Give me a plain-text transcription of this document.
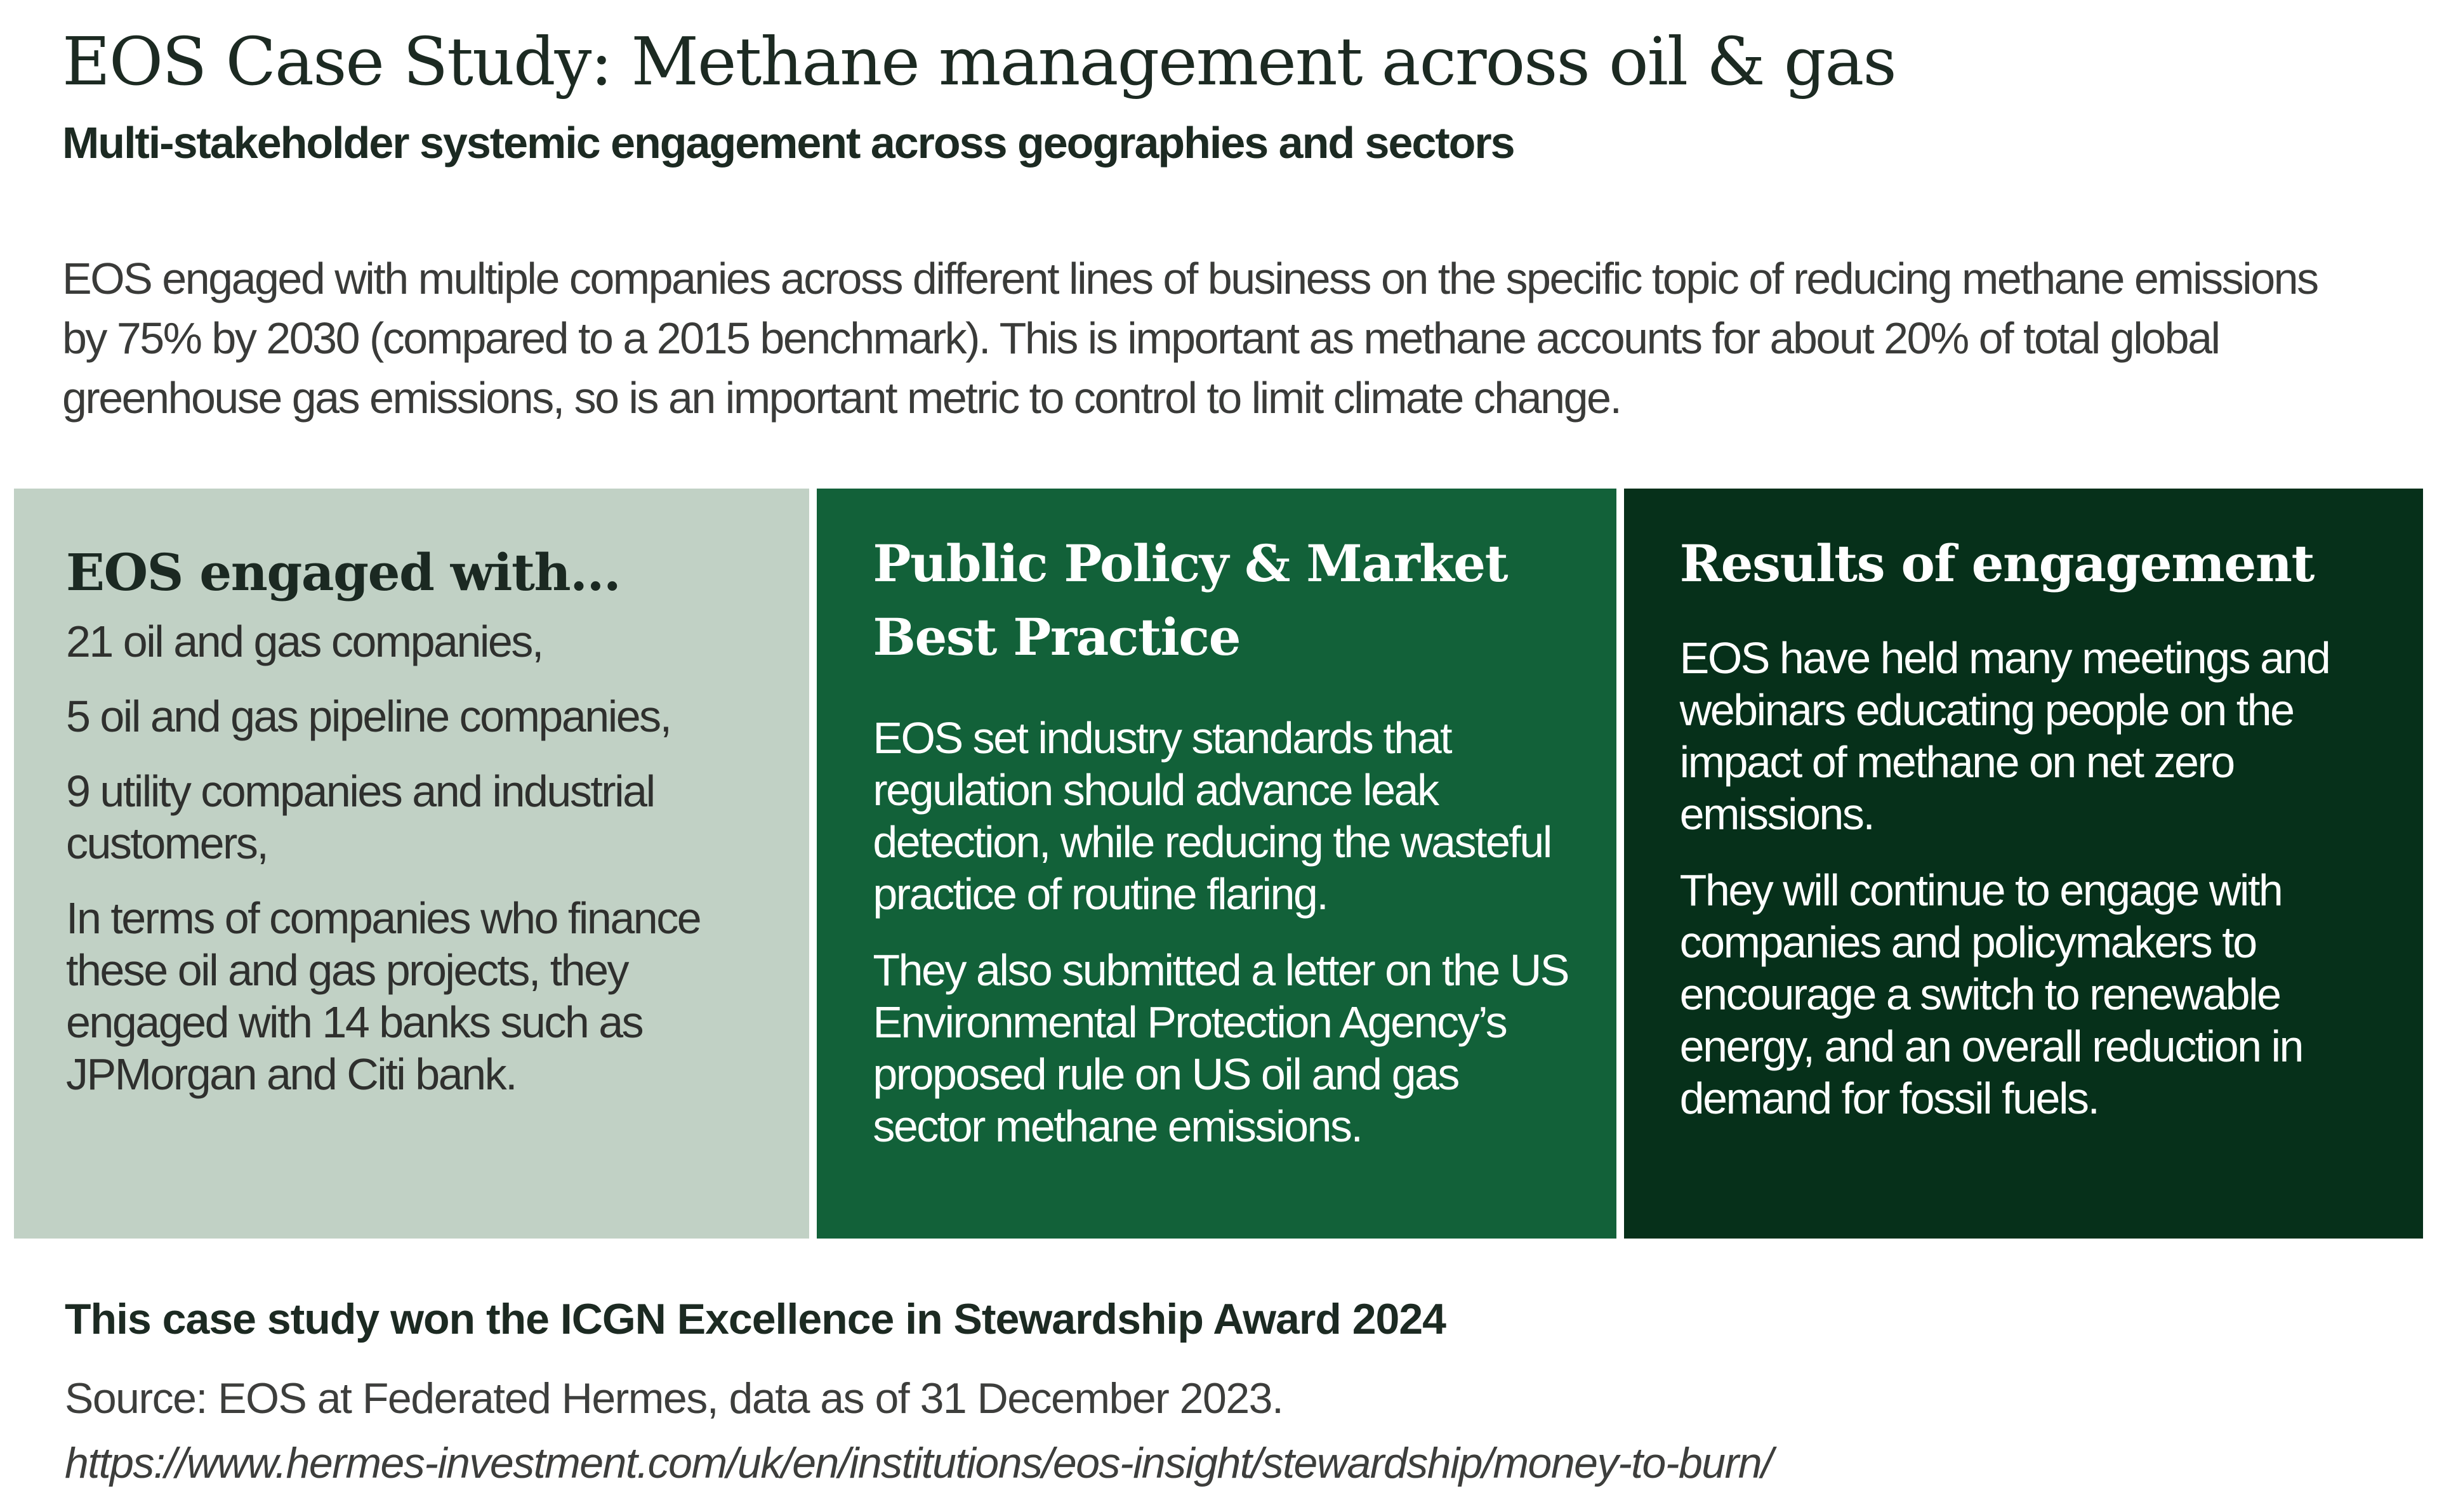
EOS Case Study: Methane management across oil & gas
Multi-stakeholder systemic engagement across geographies and sectors

EOS engaged with multiple companies across different lines of business on the specific topic of reducing methane emissions by 75% by 2030 (compared to a 2015 benchmark). This is important as methane accounts for about 20% of total global greenhouse gas emissions, so is an important metric to control to limit climate change.

EOS engaged with...

21 oil and gas companies,

5 oil and gas pipeline companies,

9 utility companies and industrial customers,

In terms of companies who finance these oil and gas projects, they engaged with 14 banks such as JPMorgan and Citi bank.

Public Policy & Market Best Practice

EOS set industry standards that regulation should advance leak detection, while reducing the wasteful practice of routine flaring.

They also submitted a letter on the US Environmental Protection Agency’s proposed rule on US oil and gas sector methane emissions.

Results of engagement

EOS have held many meetings and webinars educating people on the impact of methane on net zero emissions.

They will continue to engage with companies and policymakers to encourage a switch to renewable energy, and an overall reduction in demand for fossil fuels.

This case study won the ICGN Excellence in Stewardship Award 2024

Source: EOS at Federated Hermes, data as of 31 December 2023.

https://www.hermes-investment.com/uk/en/institutions/eos-insight/stewardship/money-to-burn/
